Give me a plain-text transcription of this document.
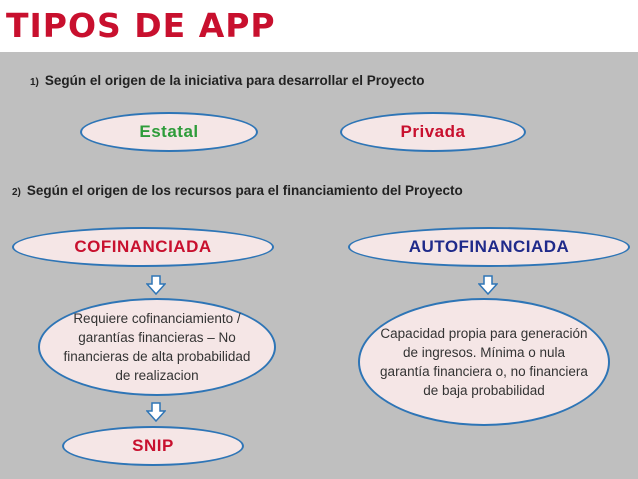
TIPOS DE APP
1) Según el origen de la iniciativa para desarrollar el Proyecto
Estatal	Privada
2) Según el origen de los recursos para el financiamiento del Proyecto
COFINANCIADA	AUTOFINANCIADA
Requiere cofinanciamiento / garantías financieras – No financieras de alta probabilidad de realizacion
Capacidad propia para generación de ingresos. Mínima o nula garantía financiera o, no financiera de baja probabilidad
SNIP
